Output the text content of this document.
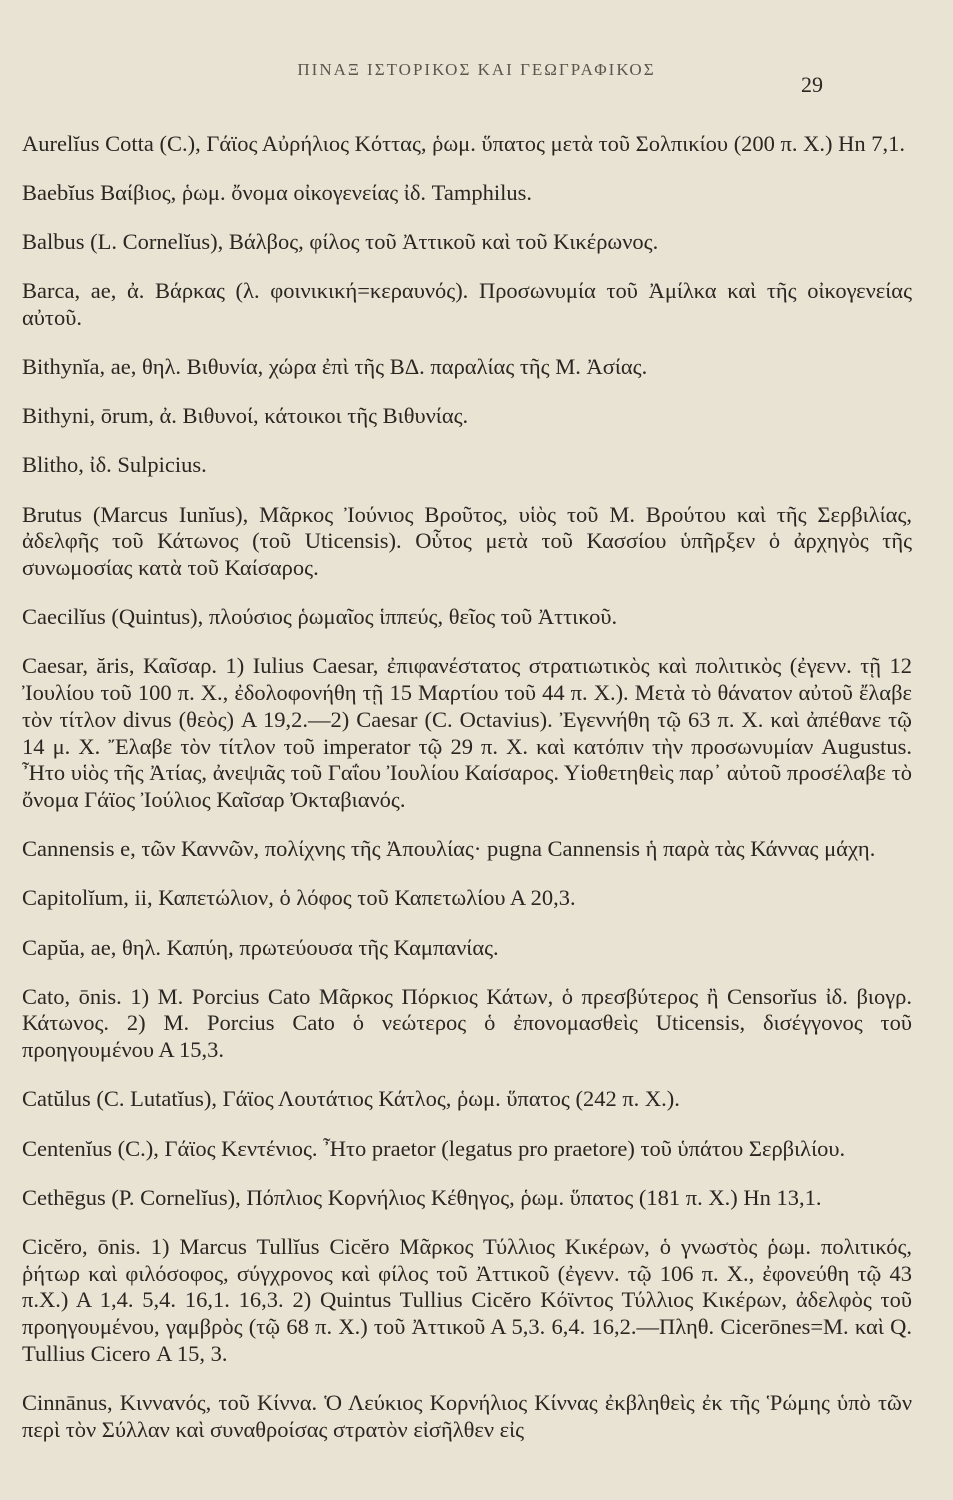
ΠΙΝΑΞ ΙΣΤΟΡΙΚΟΣ ΚΑΙ ΓΕΩΓΡΑΦΙΚΟΣ
29

Aurelĭus Cotta (C.), Γάϊος Αὐρήλιος Κόττας, ῥωμ. ὕπατος μετὰ τοῦ Σολπικίου (200 π. Χ.) Hn 7,1.

Baebĭus Βαίβιος, ῥωμ. ὄνομα οἰκογενείας ἰδ. Tamphilus.

Balbus (L. Cornelĭus), Βάλβος, φίλος τοῦ Ἀττικοῦ καὶ τοῦ Κικέρωνος.

Barca, ae, ἀ. Βάρκας (λ. φοινικική=κεραυνός). Προσωνυμία τοῦ Ἀμίλκα καὶ τῆς οἰκογενείας αὐτοῦ.

Bithynĭa, ae, θηλ. Βιθυνία, χώρα ἐπὶ τῆς ΒΔ. παραλίας τῆς Μ. Ἀσίας.

Bithyni, ōrum, ἀ. Βιθυνοί, κάτοικοι τῆς Βιθυνίας.

Blitho, ἰδ. Sulpicius.

Brutus (Marcus Iunĭus), Μᾶρκος Ἰούνιος Βροῦτος, υἱὸς τοῦ Μ. Βρούτου καὶ τῆς Σερβιλίας, ἀδελφῆς τοῦ Κάτωνος (τοῦ Uticensis). Οὗτος μετὰ τοῦ Κασσίου ὑπῆρξεν ὁ ἀρχηγὸς τῆς συνωμοσίας κατὰ τοῦ Καίσαρος.

Caecilĭus (Quintus), πλούσιος ῥωμαῖος ἱππεύς, θεῖος τοῦ Ἀττικοῦ.

Caesar, ăris, Καῖσαρ. 1) Iulius Caesar, ἐπιφανέστατος στρατιωτικὸς καὶ πολιτικὸς (ἐγενν. τῇ 12 Ἰουλίου τοῦ 100 π. Χ., ἐδολοφονήθη τῇ 15 Μαρτίου τοῦ 44 π. Χ.). Μετὰ τὸ θάνατον αὐτοῦ ἔλαβε τὸν τίτλον divus (θεὸς) Α 19,2.—2) Caesar (C. Octavius). Ἐγεννήθη τῷ 63 π. Χ. καὶ ἀπέθανε τῷ 14 μ. Χ. Ἔλαβε τὸν τίτλον τοῦ imperator τῷ 29 π. Χ. καὶ κατόπιν τὴν προσωνυμίαν Augustus. Ἦτο υἱὸς τῆς Ἀτίας, ἀνεψιᾶς τοῦ Γαΐου Ἰουλίου Καίσαρος. Υἱοθετηθεὶς παρ᾽ αὐτοῦ προσέλαβε τὸ ὄνομα Γάϊος Ἰούλιος Καῖσαρ Ὀκταβιανός.

Cannensis e, τῶν Καννῶν, πολίχνης τῆς Ἀπουλίας· pugna Cannensis ἡ παρὰ τὰς Κάννας μάχη.

Capitolĭum, ii, Καπετώλιον, ὁ λόφος τοῦ Καπετωλίου Α 20,3.

Capŭa, ae, θηλ. Καπύη, πρωτεύουσα τῆς Καμπανίας.

Cato, ōnis. 1) M. Porcius Cato Μᾶρκος Πόρκιος Κάτων, ὁ πρεσβύτερος ἢ Censorĭus ἰδ. βιογρ. Κάτωνος. 2) M. Porcius Cato ὁ νεώτερος ὁ ἐπονομασθεὶς Uticensis, δισέγγονος τοῦ προηγουμένου Α 15,3.

Catŭlus (C. Lutatĭus), Γάϊος Λουτάτιος Κάτλος, ῥωμ. ὕπατος (242 π. Χ.).

Centenĭus (C.), Γάϊος Κεντένιος. Ἦτο praetor (legatus pro praetore) τοῦ ὑπάτου Σερβιλίου.

Cethēgus (P. Cornelĭus), Πόπλιος Κορνήλιος Κέθηγος, ῥωμ. ὕπατος (181 π. Χ.) Hn 13,1.

Cicĕro, ōnis. 1) Marcus Tullĭus Cicĕro Μᾶρκος Τύλλιος Κικέρων, ὁ γνωστὸς ῥωμ. πολιτικός, ῥήτωρ καὶ φιλόσοφος, σύγχρονος καὶ φίλος τοῦ Ἀττικοῦ (ἐγενν. τῷ 106 π. Χ., ἐφονεύθη τῷ 43 π.Χ.) Α 1,4. 5,4. 16,1. 16,3. 2) Quintus Tullius Cicĕro Κόϊντος Τύλλιος Κικέρων, ἀδελφὸς τοῦ προηγουμένου, γαμβρὸς (τῷ 68 π. Χ.) τοῦ Ἀττικοῦ Α 5,3. 6,4. 16,2.—Πληθ. Cicerōnes=M. καὶ Q. Tullius Cicero Α 15, 3.

Cinnānus, Κινναvός, τοῦ Κίννα. Ὁ Λεύκιος Κορνήλιος Κίννας ἐκβληθεὶς ἐκ τῆς Ῥώμης ὑπὸ τῶν περὶ τὸν Σύλλαν καὶ συναθροίσας στρατὸν εἰσῆλθεν εἰς
